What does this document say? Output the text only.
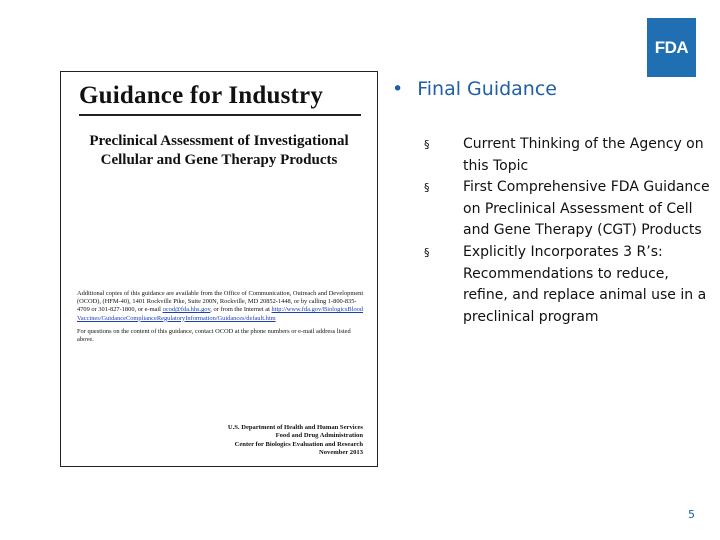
FDA
Guidance for Industry
Preclinical Assessment of Investigational Cellular and Gene Therapy Products

Additional copies of this guidance are available from the Office of Communication, Outreach and Development (OCOD), (HFM-40), 1401 Rockville Pike, Suite 200N, Rockville, MD 20852-1448, or by calling 1-800-835-4709 or 301-827-1800, or e-mail ocod@fda.hhs.gov, or from the Internet at http://www.fda.gov/BiologicsBloodVaccines/GuidanceComplianceRegulatoryInformation/Guidances/default.htm

For questions on the content of this guidance, contact OCOD at the phone numbers or e-mail address listed above.

U.S. Department of Health and Human Services
Food and Drug Administration
Center for Biologics Evaluation and Research
November 2013
• Final Guidance
§ Current Thinking of the Agency on this Topic
§ First Comprehensive FDA Guidance on Preclinical Assessment of Cell and Gene Therapy (CGT) Products
§ Explicitly Incorporates 3 R’s: Recommendations to reduce, refine, and replace animal use in a preclinical program
5
